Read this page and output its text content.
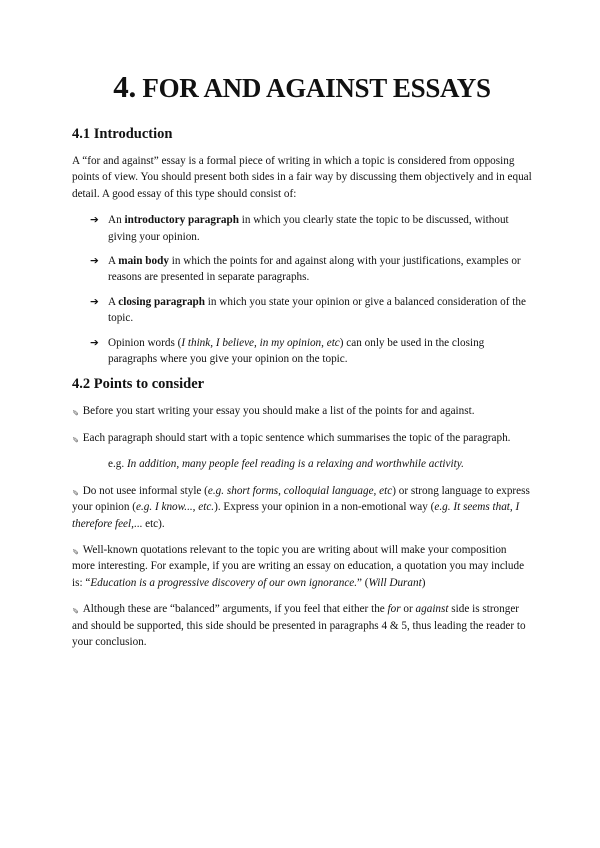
4. FOR AND AGAINST ESSAYS
4.1 Introduction

A “for and against” essay is a formal piece of writing in which a topic is considered from opposing points of view. You should present both sides in a fair way by discussing them objectively and in equal detail. A good essay of this type should consist of:

➔ An introductory paragraph in which you clearly state the topic to be discussed, without giving your opinion.
➔ A main body in which the points for and against along with your justifications, examples or reasons are presented in separate paragraphs.
➔ A closing paragraph in which you state your opinion or give a balanced consideration of the topic.
➔ Opinion words (I think, I believe, in my opinion, etc) can only be used in the closing paragraphs where you give your opinion on the topic.
4.2 Points to consider

✎ Before you start writing your essay you should make a list of the points for and against.

✎ Each paragraph should start with a topic sentence which summarises the topic of the paragraph.

e.g. In addition, many people feel reading is a relaxing and worthwhile activity.

✎ Do not usee informal style (e.g. short forms, colloquial language, etc) or strong language to express your opinion (e.g. I know..., etc.). Express your opinion in a non-emotional way (e.g. It seems that, I therefore feel,... etc).

✎ Well-known quotations relevant to the topic you are writing about will make your composition more interesting. For example, if you are writing an essay on education, a quotation you may include is: “Education is a progressive discovery of our own ignorance.” (Will Durant)

✎ Although these are “balanced” arguments, if you feel that either the for or against side is stronger and should be supported, this side should be presented in paragraphs 4 & 5, thus leading the reader to your conclusion.
